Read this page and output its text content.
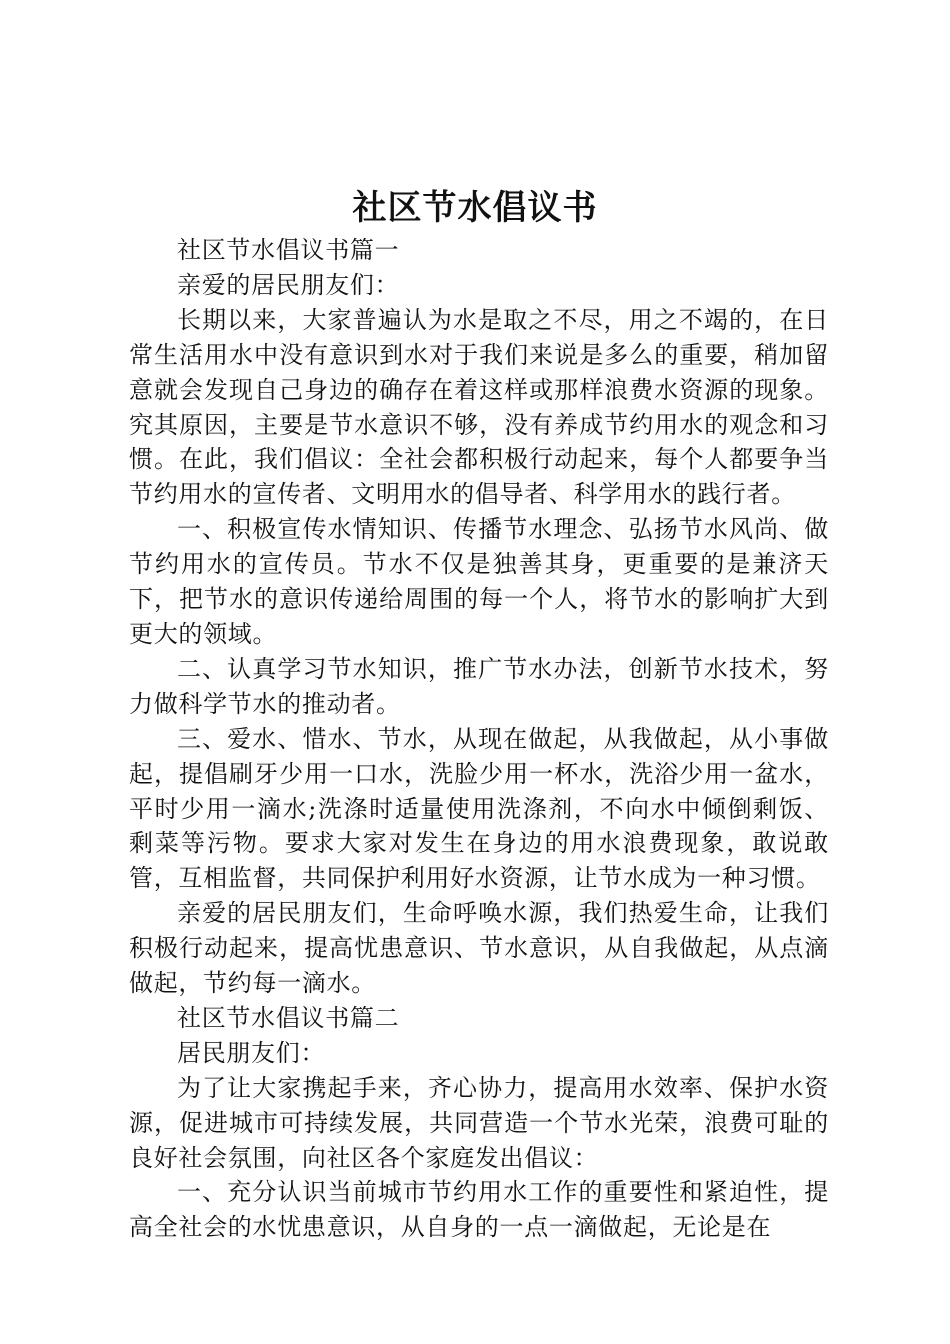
社区节水倡议书

社区节水倡议书篇一

亲爱的居民朋友们：

长期以来，大家普遍认为水是取之不尽，用之不竭的，在日常生活用水中没有意识到水对于我们来说是多么的重要，稍加留意就会发现自己身边的确存在着这样或那样浪费水资源的现象。究其原因，主要是节水意识不够，没有养成节约用水的观念和习惯。在此，我们倡议：全社会都积极行动起来，每个人都要争当节约用水的宣传者、文明用水的倡导者、科学用水的践行者。

一、积极宣传水情知识、传播节水理念、弘扬节水风尚、做节约用水的宣传员。节水不仅是独善其身，更重要的是兼济天下，把节水的意识传递给周围的每一个人，将节水的影响扩大到更大的领域。

二、认真学习节水知识，推广节水办法，创新节水技术，努力做科学节水的推动者。

三、爱水、惜水、节水，从现在做起，从我做起，从小事做起，提倡刷牙少用一口水，洗脸少用一杯水，洗浴少用一盆水，平时少用一滴水;洗涤时适量使用洗涤剂，不向水中倾倒剩饭、剩菜等污物。要求大家对发生在身边的用水浪费现象，敢说敢管，互相监督，共同保护利用好水资源，让节水成为一种习惯。

亲爱的居民朋友们，生命呼唤水源，我们热爱生命，让我们积极行动起来，提高忧患意识、节水意识，从自我做起，从点滴做起，节约每一滴水。

社区节水倡议书篇二

居民朋友们：

为了让大家携起手来，齐心协力，提高用水效率、保护水资源，促进城市可持续发展，共同营造一个节水光荣，浪费可耻的良好社会氛围，向社区各个家庭发出倡议：

一、充分认识当前城市节约用水工作的重要性和紧迫性，提高全社会的水忧患意识，从自身的一点一滴做起，无论是在
